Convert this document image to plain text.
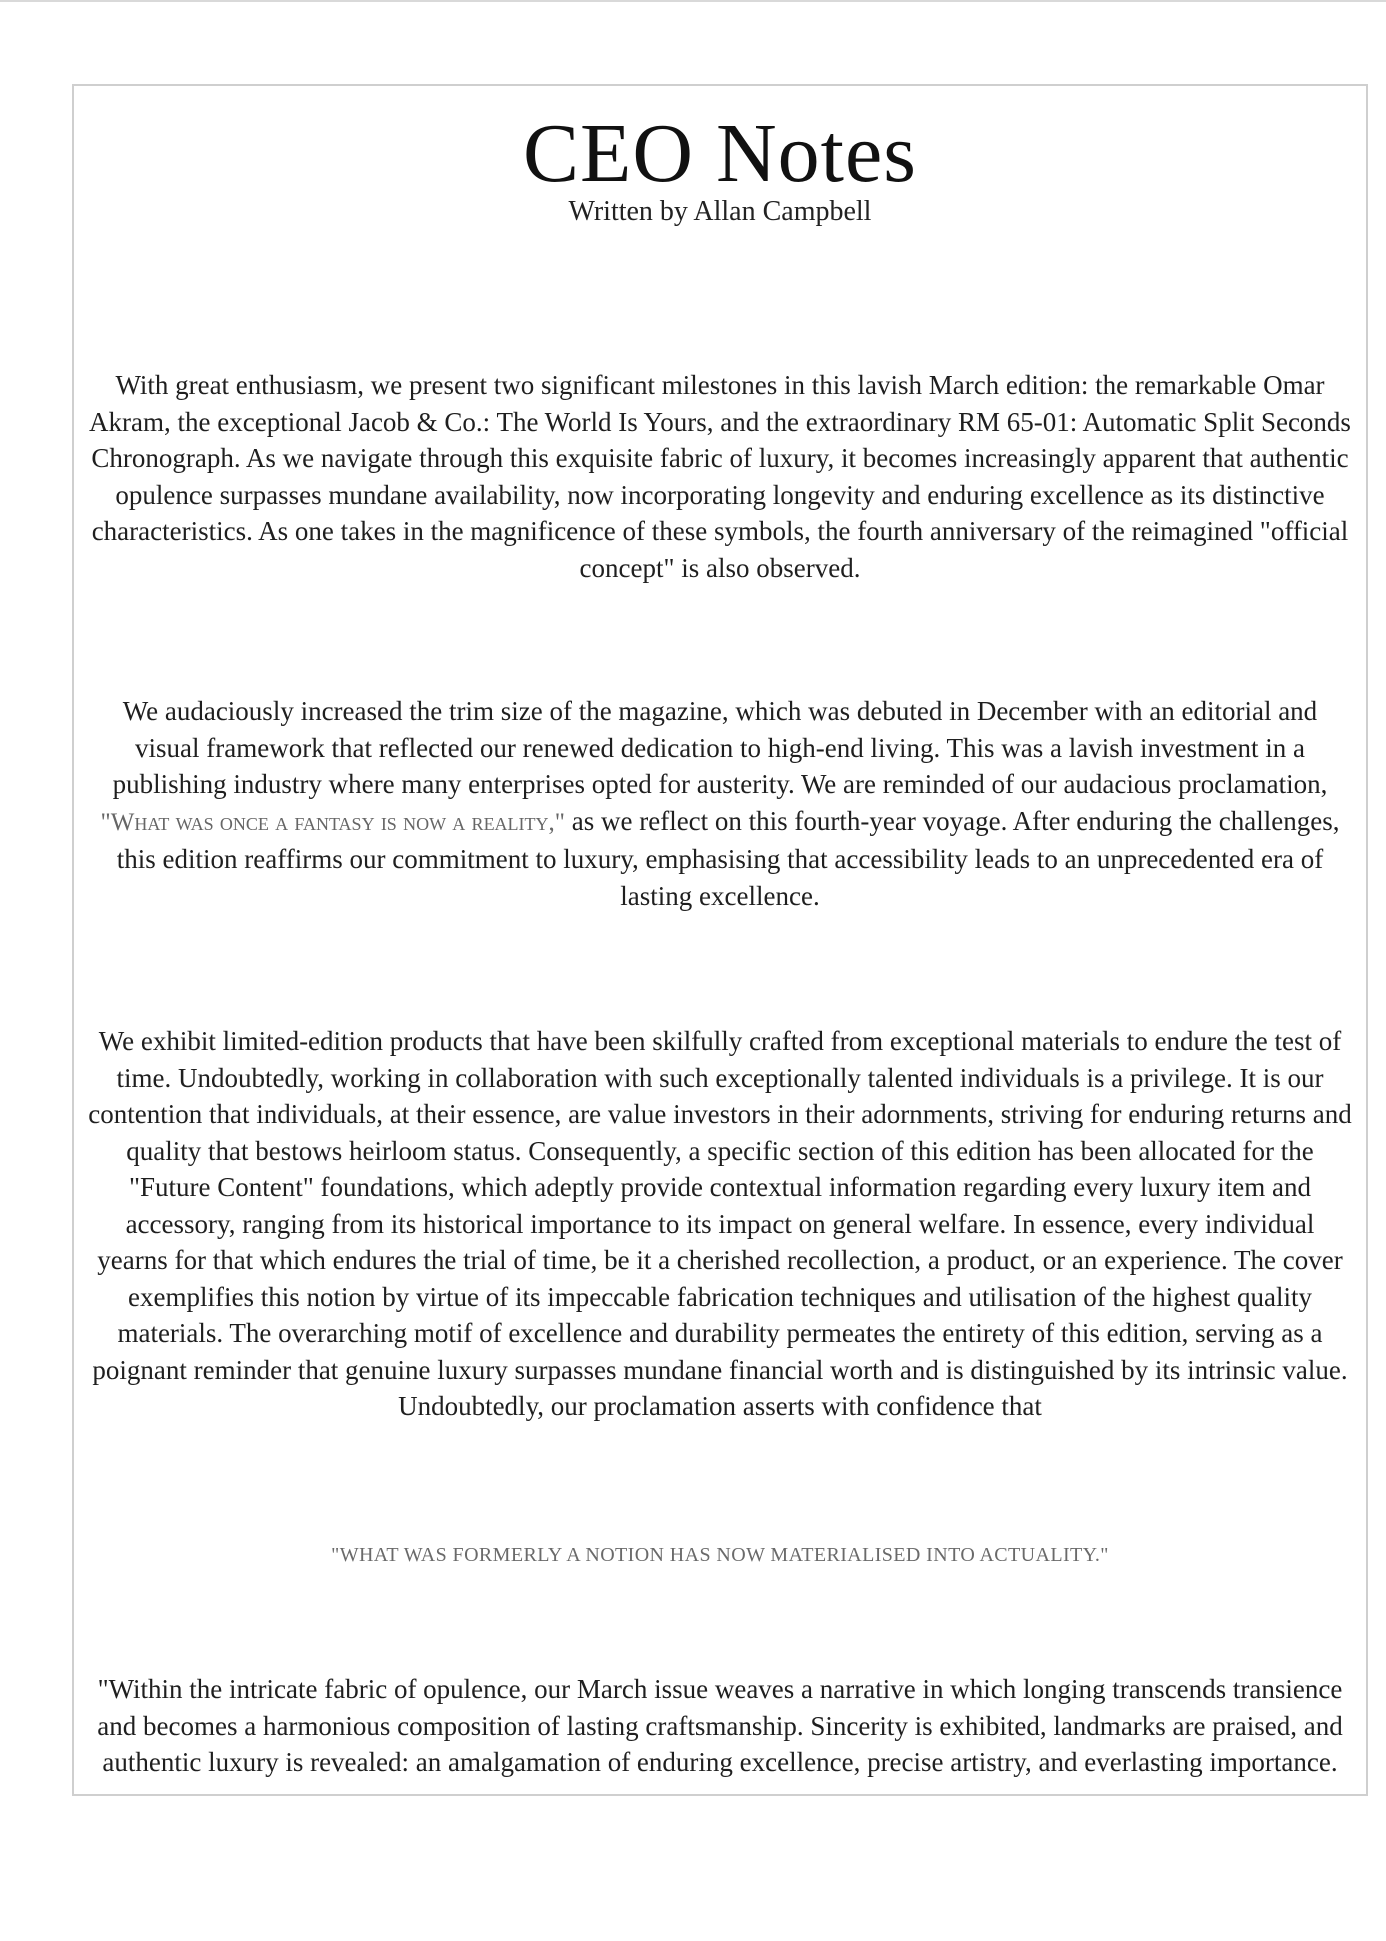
CEO Notes
Written by Allan Campbell

With great enthusiasm, we present two significant milestones in this lavish March edition: the remarkable Omar Akram, the exceptional Jacob & Co.: The World Is Yours, and the extraordinary RM 65-01: Automatic Split Seconds Chronograph. As we navigate through this exquisite fabric of luxury, it becomes increasingly apparent that authentic opulence surpasses mundane availability, now incorporating longevity and enduring excellence as its distinctive characteristics. As one takes in the magnificence of these symbols, the fourth anniversary of the reimagined "official concept" is also observed.

We audaciously increased the trim size of the magazine, which was debuted in December with an editorial and visual framework that reflected our renewed dedication to high-end living. This was a lavish investment in a publishing industry where many enterprises opted for austerity. We are reminded of our audacious proclamation, "What was once a fantasy is now a reality," as we reflect on this fourth-year voyage. After enduring the challenges, this edition reaffirms our commitment to luxury, emphasising that accessibility leads to an unprecedented era of lasting excellence.

We exhibit limited-edition products that have been skilfully crafted from exceptional materials to endure the test of time. Undoubtedly, working in collaboration with such exceptionally talented individuals is a privilege. It is our contention that individuals, at their essence, are value investors in their adornments, striving for enduring returns and quality that bestows heirloom status. Consequently, a specific section of this edition has been allocated for the "Future Content" foundations, which adeptly provide contextual information regarding every luxury item and accessory, ranging from its historical importance to its impact on general welfare. In essence, every individual yearns for that which endures the trial of time, be it a cherished recollection, a product, or an experience. The cover exemplifies this notion by virtue of its impeccable fabrication techniques and utilisation of the highest quality materials. The overarching motif of excellence and durability permeates the entirety of this edition, serving as a poignant reminder that genuine luxury surpasses mundane financial worth and is distinguished by its intrinsic value. Undoubtedly, our proclamation asserts with confidence that

"WHAT WAS FORMERLY A NOTION HAS NOW MATERIALISED INTO ACTUALITY."

"Within the intricate fabric of opulence, our March issue weaves a narrative in which longing transcends transience and becomes a harmonious composition of lasting craftsmanship. Sincerity is exhibited, landmarks are praised, and authentic luxury is revealed: an amalgamation of enduring excellence, precise artistry, and everlasting importance.
